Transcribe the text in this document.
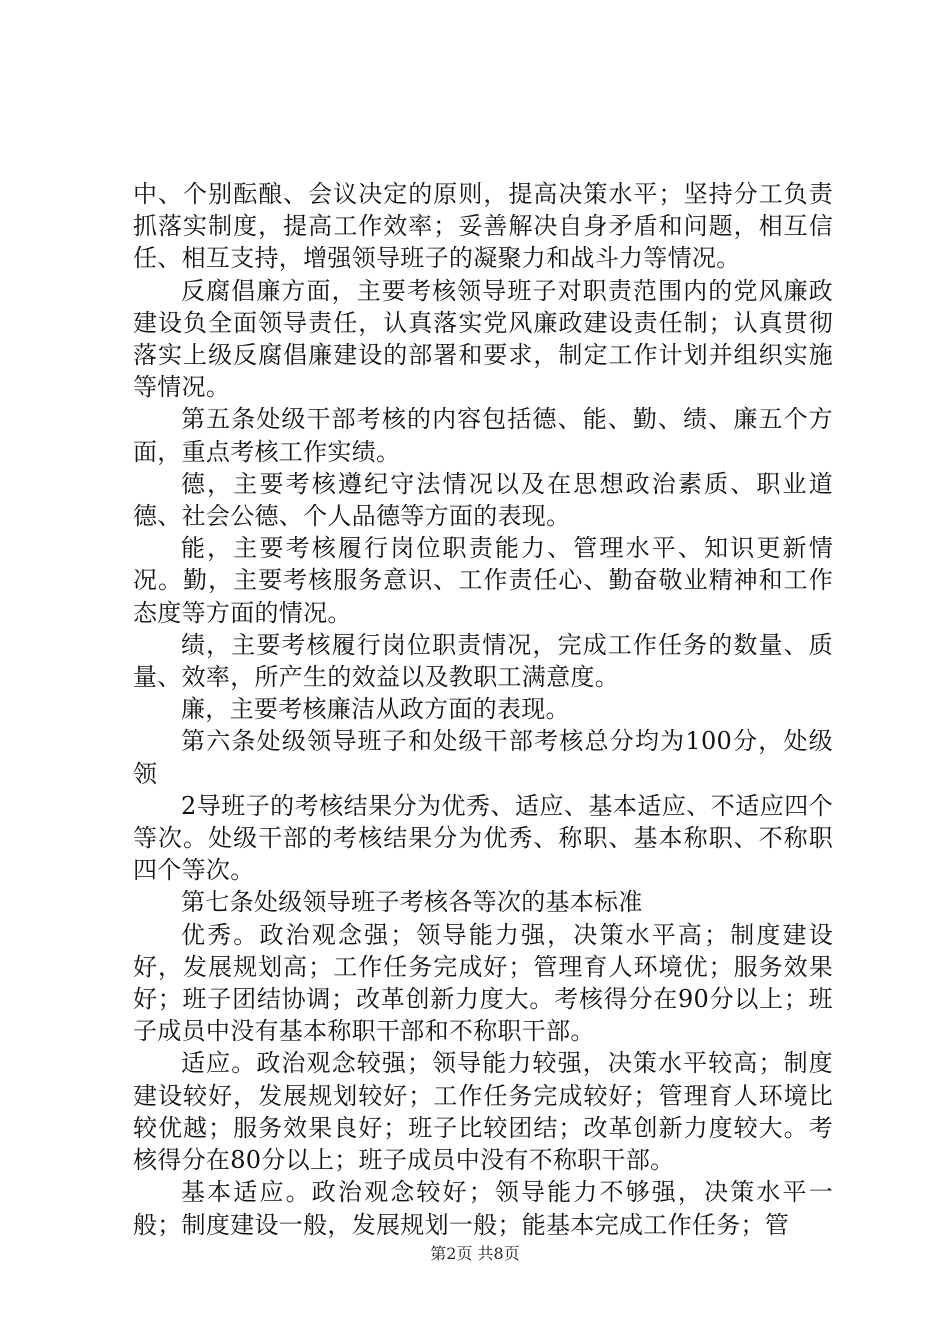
中、个别酝酿、会议决定的原则，提高决策水平；坚持分工负责抓落实制度，提高工作效率；妥善解决自身矛盾和问题，相互信任、相互支持，增强领导班子的凝聚力和战斗力等情况。

反腐倡廉方面，主要考核领导班子对职责范围内的党风廉政建设负全面领导责任，认真落实党风廉政建设责任制；认真贯彻落实上级反腐倡廉建设的部署和要求，制定工作计划并组织实施等情况。

第五条处级干部考核的内容包括德、能、勤、绩、廉五个方面，重点考核工作实绩。

德，主要考核遵纪守法情况以及在思想政治素质、职业道德、社会公德、个人品德等方面的表现。

能，主要考核履行岗位职责能力、管理水平、知识更新情况。勤，主要考核服务意识、工作责任心、勤奋敬业精神和工作态度等方面的情况。

绩，主要考核履行岗位职责情况，完成工作任务的数量、质量、效率，所产生的效益以及教职工满意度。

廉，主要考核廉洁从政方面的表现。

第六条处级领导班子和处级干部考核总分均为100分，处级领

2导班子的考核结果分为优秀、适应、基本适应、不适应四个等次。处级干部的考核结果分为优秀、称职、基本称职、不称职四个等次。

第七条处级领导班子考核各等次的基本标准

优秀。政治观念强；领导能力强，决策水平高；制度建设好，发展规划高；工作任务完成好；管理育人环境优；服务效果好；班子团结协调；改革创新力度大。考核得分在90分以上；班子成员中没有基本称职干部和不称职干部。

适应。政治观念较强；领导能力较强，决策水平较高；制度建设较好，发展规划较好；工作任务完成较好；管理育人环境比较优越；服务效果良好；班子比较团结；改革创新力度较大。考核得分在80分以上；班子成员中没有不称职干部。

基本适应。政治观念较好；领导能力不够强，决策水平一般；制度建设一般，发展规划一般；能基本完成工作任务；管

第2页 共8页
